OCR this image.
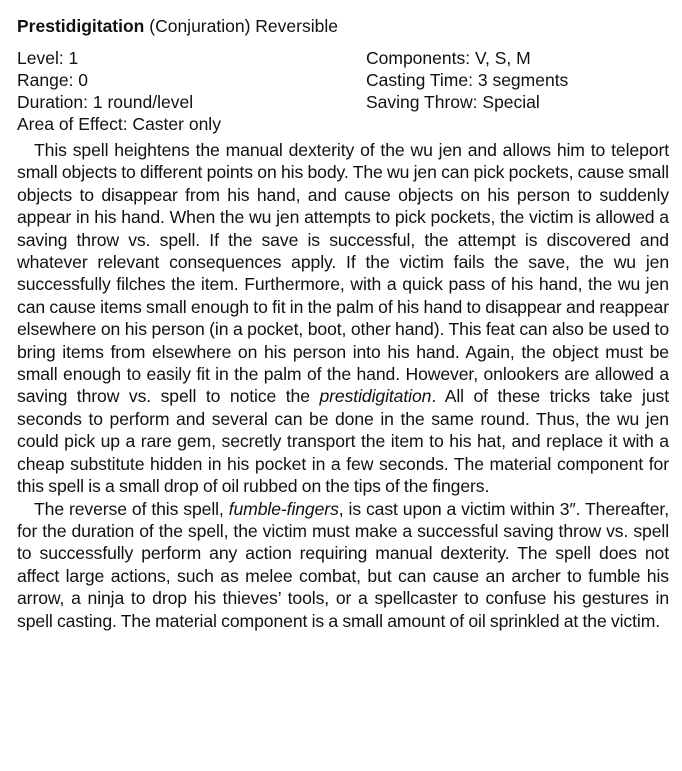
Prestidigitation (Conjuration) Reversible
Level: 1
Range: 0
Duration: 1 round/level
Area of Effect: Caster only
Components: V, S, M
Casting Time: 3 segments
Saving Throw: Special

This spell heightens the manual dexterity of the wu jen and allows him to teleport small objects to different points on his body. The wu jen can pick pockets, cause small objects to disappear from his hand, and cause objects on his person to suddenly appear in his hand. When the wu jen attempts to pick pockets, the victim is allowed a saving throw vs. spell. If the save is successful, the attempt is discovered and whatever relevant consequences apply. If the victim fails the save, the wu jen successfully filches the item. Furthermore, with a quick pass of his hand, the wu jen can cause items small enough to fit in the palm of his hand to disappear and reappear elsewhere on his person (in a pocket, boot, other hand). This feat can also be used to bring items from elsewhere on his person into his hand. Again, the object must be small enough to easily fit in the palm of the hand. However, onlookers are allowed a saving throw vs. spell to notice the prestidigitation. All of these tricks take just seconds to perform and several can be done in the same round. Thus, the wu jen could pick up a rare gem, secretly transport the item to his hat, and replace it with a cheap substitute hidden in his pocket in a few seconds. The material component for this spell is a small drop of oil rubbed on the tips of the fingers.

The reverse of this spell, fumble-fingers, is cast upon a victim within 3″. Thereafter, for the duration of the spell, the victim must make a successful saving throw vs. spell to successfully perform any action requiring manual dexterity. The spell does not affect large actions, such as melee combat, but can cause an archer to fumble his arrow, a ninja to drop his thieves’ tools, or a spellcaster to confuse his gestures in spell casting. The material component is a small amount of oil sprinkled at the victim.
